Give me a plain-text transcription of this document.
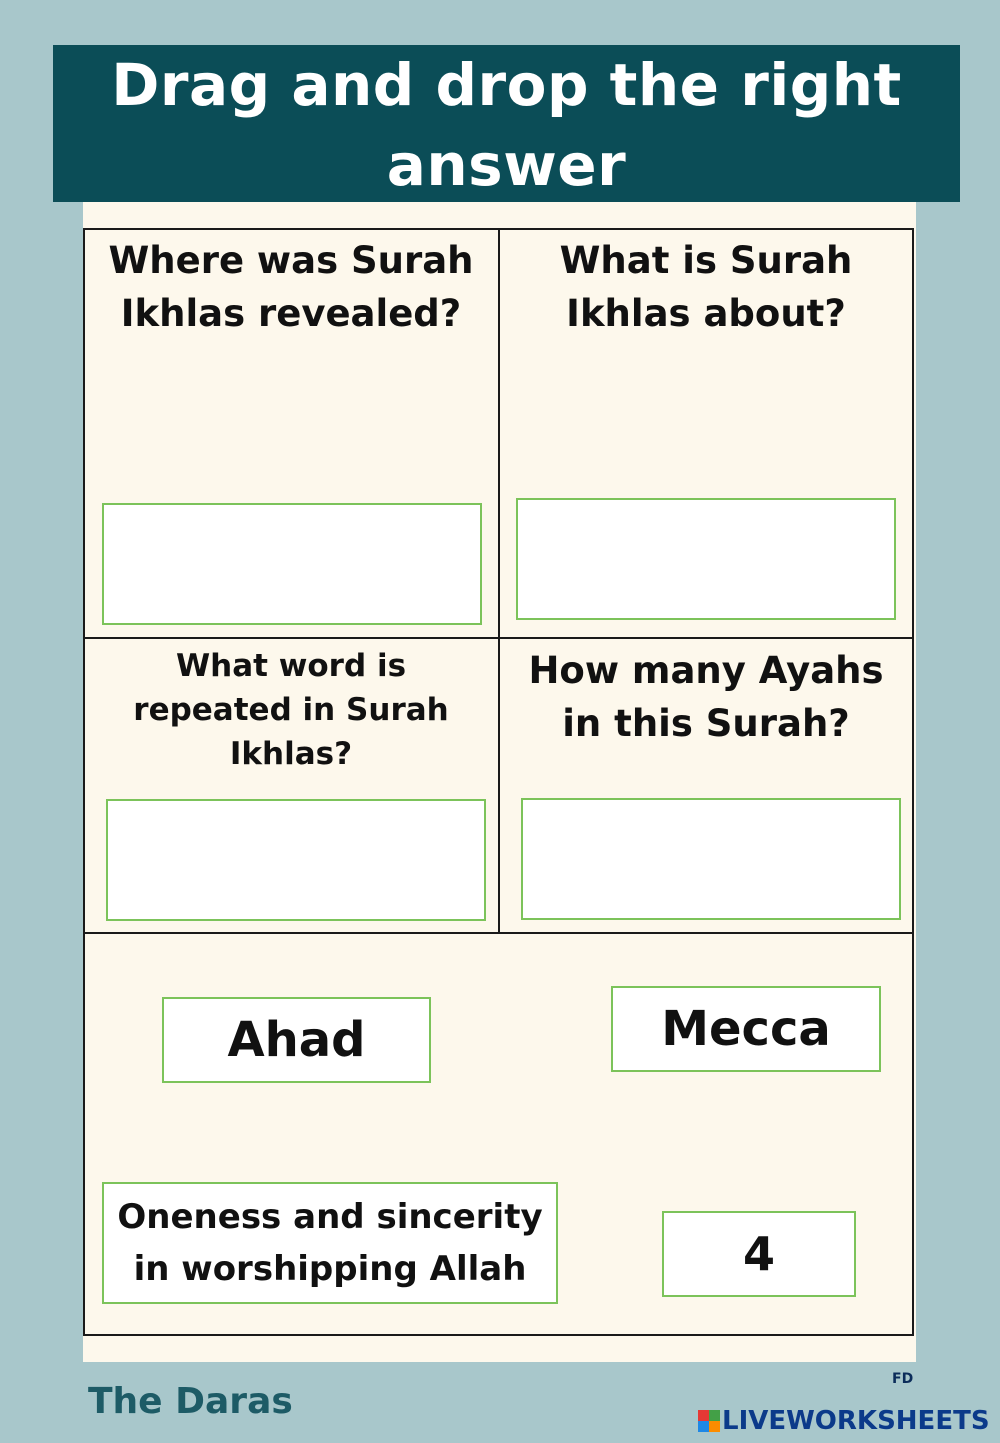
Drag and drop the right
answer
Where was Surah
Ikhlas revealed?
What is Surah
Ikhlas about?
What word is
repeated in Surah
Ikhlas?
How many Ayahs
in this Surah?
Ahad	Mecca
Oneness and sincerity
in worshipping Allah	4
The Daras
FD
LIVEWORKSHEETS
